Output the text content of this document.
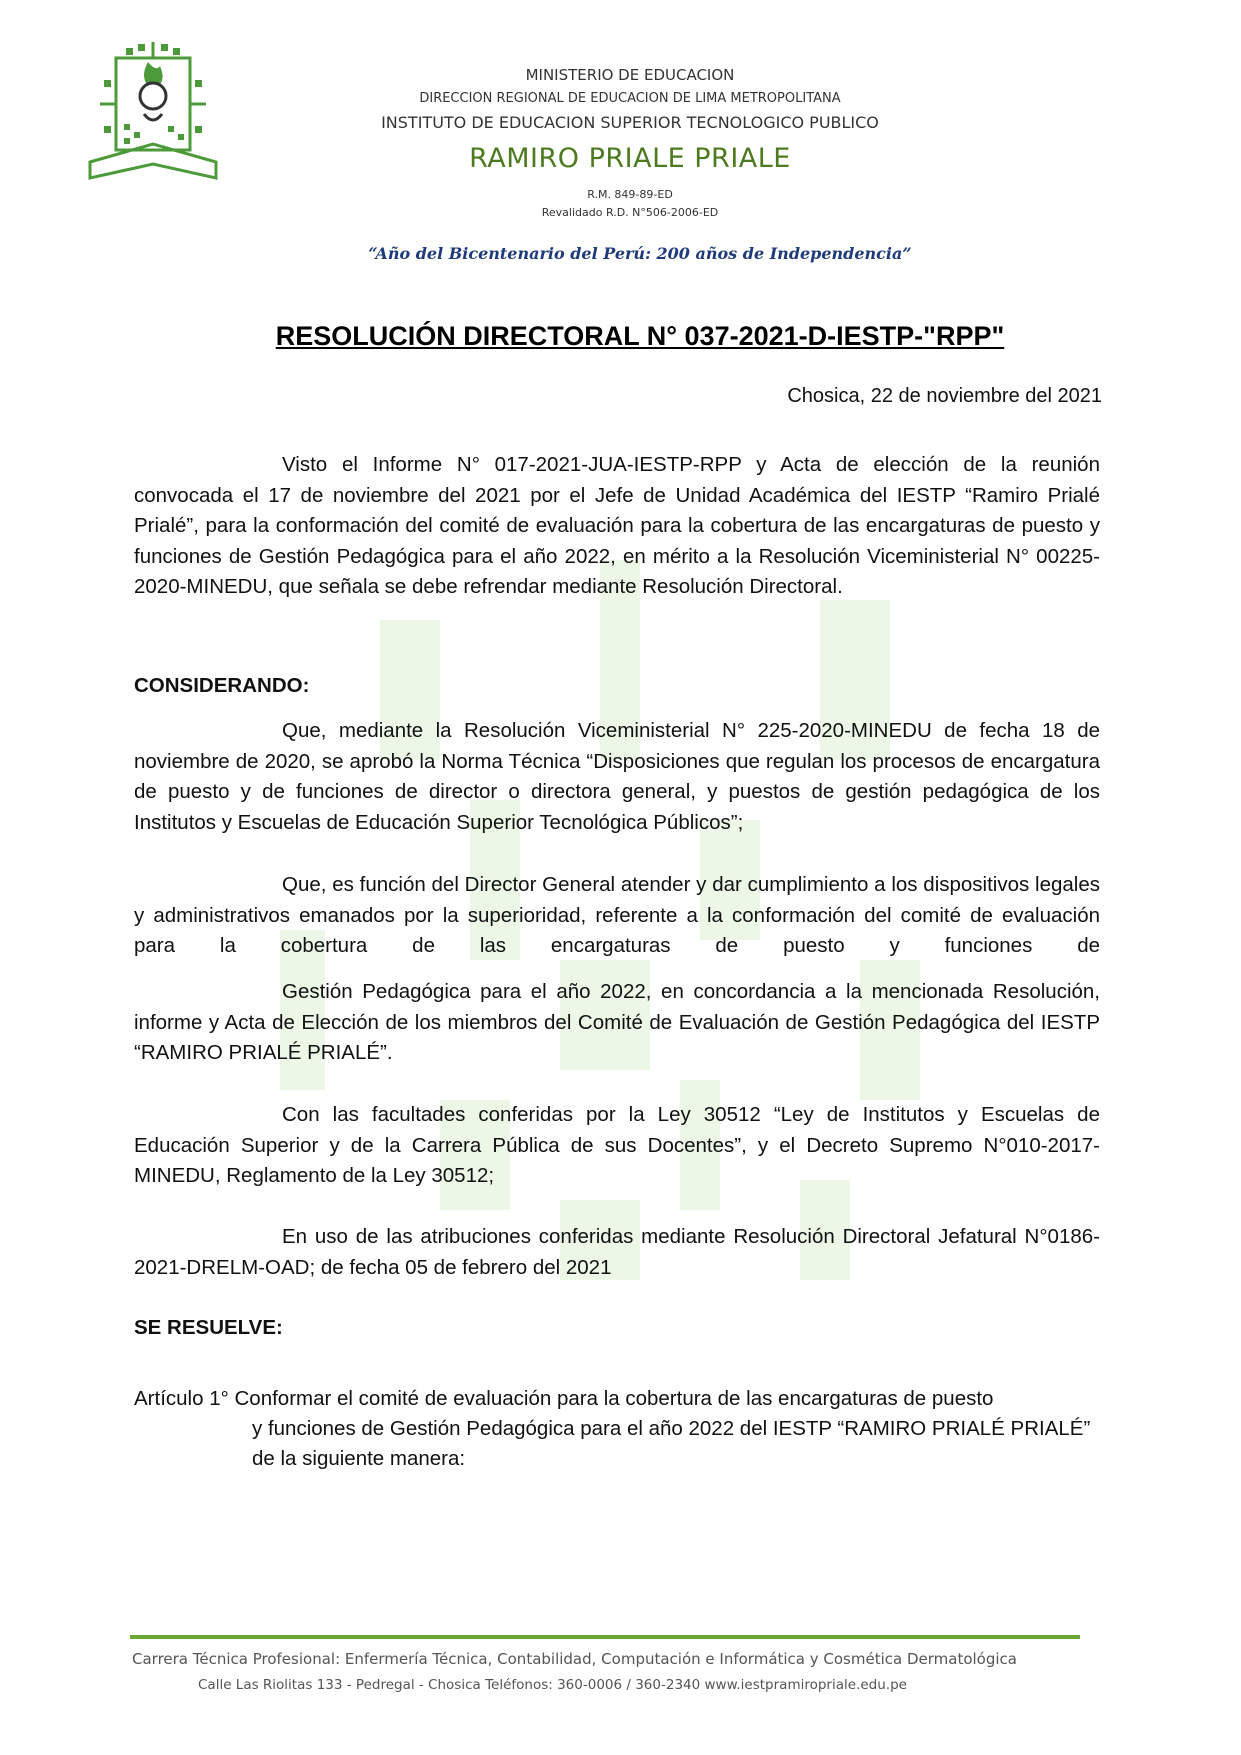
MINISTERIO DE EDUCACION
DIRECCION REGIONAL DE EDUCACION DE LIMA METROPOLITANA
INSTITUTO DE EDUCACION SUPERIOR TECNOLOGICO PUBLICO
RAMIRO PRIALE PRIALE
R.M. 849-89-ED
Revalidado R.D. N°506-2006-ED
“Año del Bicentenario del Perú: 200 años de Independencia”
RESOLUCIÓN DIRECTORAL N° 037-2021-D-IESTP-"RPP"
Chosica, 22 de noviembre del 2021

Visto el Informe N° 017-2021-JUA-IESTP-RPP y Acta de elección de la reunión convocada el 17 de noviembre del 2021 por el Jefe de Unidad Académica del IESTP “Ramiro Prialé Prialé”, para la conformación del comité de evaluación para la cobertura de las encargaturas de puesto y funciones de Gestión Pedagógica para el año 2022, en mérito a la Resolución Viceministerial N° 00225-2020-MINEDU, que señala se debe refrendar mediante Resolución Directoral.

CONSIDERANDO:

Que, mediante la Resolución Viceministerial N° 225-2020-MINEDU de fecha 18 de noviembre de 2020, se aprobó la Norma Técnica “Disposiciones que regulan los procesos de encargatura de puesto y de funciones de director o directora general, y puestos de gestión pedagógica de los Institutos y Escuelas de Educación Superior Tecnológica Públicos”;

Que, es función del Director General atender y dar cumplimiento a los dispositivos legales y administrativos emanados por la superioridad, referente a la conformación del comité de evaluación para la cobertura de las encargaturas de puesto y funciones de

Gestión Pedagógica para el año 2022, en concordancia a la mencionada Resolución, informe y Acta de Elección de los miembros del Comité de Evaluación de Gestión Pedagógica del IESTP “RAMIRO PRIALÉ PRIALÉ”.

Con las facultades conferidas por la Ley 30512 “Ley de Institutos y Escuelas de Educación Superior y de la Carrera Pública de sus Docentes”, y el Decreto Supremo N°010-2017-MINEDU, Reglamento de la Ley 30512;

En uso de las atribuciones conferidas mediante Resolución Directoral Jefatural N°0186-2021-DRELM-OAD; de fecha 05 de febrero del 2021

SE RESUELVE:
Artículo 1° Conformar el comité de evaluación para la cobertura de las encargaturas de puesto
y funciones de Gestión Pedagógica para el año 2022 del IESTP “RAMIRO PRIALÉ PRIALÉ” de la siguiente manera:
Carrera Técnica Profesional: Enfermería Técnica, Contabilidad, Computación e Informática y Cosmética Dermatológica
Calle Las Riolitas 133 - Pedregal - Chosica Teléfonos: 360-0006 / 360-2340 www.iestpramiropriale.edu.pe
